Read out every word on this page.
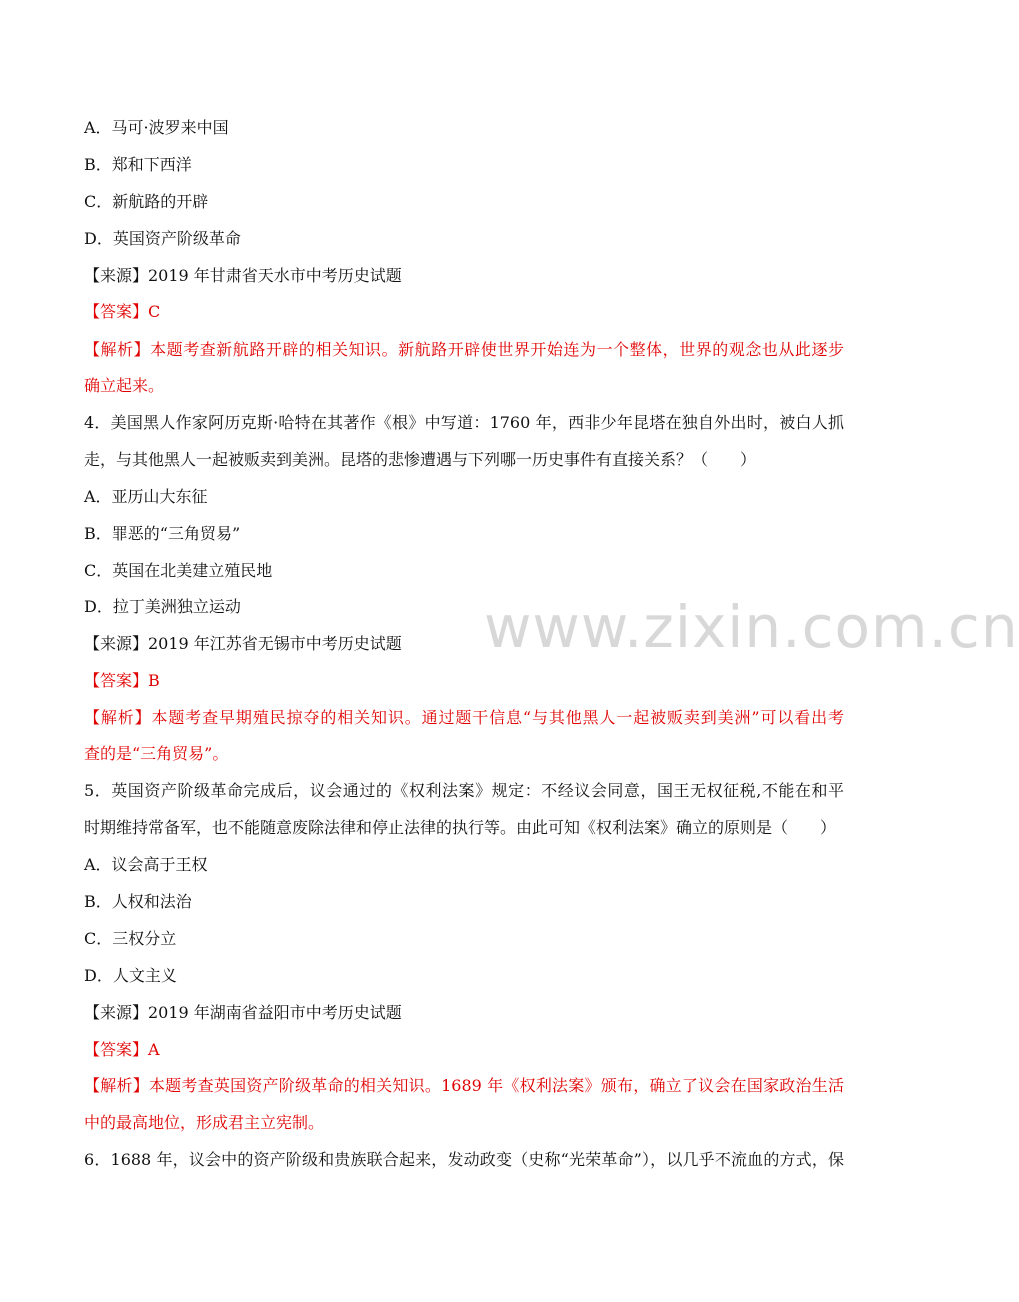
www.zixin.com.cn
A．马可·波罗来中国
B．郑和下西洋
C．新航路的开辟
D．英国资产阶级革命
【来源】2019 年甘肃省天水市中考历史试题
【答案】C
【解析】本题考查新航路开辟的相关知识。新航路开辟使世界开始连为一个整体，世界的观念也从此逐步
确立起来。
4．美国黑人作家阿历克斯·哈特在其著作《根》中写道：1760 年，西非少年昆塔在独自外出时，被白人抓
走，与其他黑人一起被贩卖到美洲。昆塔的悲惨遭遇与下列哪一历史事件有直接关系？（　　）
A．亚历山大东征
B．罪恶的“三角贸易”
C．英国在北美建立殖民地
D．拉丁美洲独立运动
【来源】2019 年江苏省无锡市中考历史试题
【答案】B
【解析】本题考查早期殖民掠夺的相关知识。通过题干信息“与其他黑人一起被贩卖到美洲”可以看出考
查的是“三角贸易”。
5．英国资产阶级革命完成后，议会通过的《权利法案》规定：不经议会同意，国王无权征税,不能在和平
时期维持常备军，也不能随意废除法律和停止法律的执行等。由此可知《权利法案》确立的原则是（　　）
A．议会高于王权
B．人权和法治
C．三权分立
D．人文主义
【来源】2019 年湖南省益阳市中考历史试题
【答案】A
【解析】本题考查英国资产阶级革命的相关知识。1689 年《权利法案》颁布，确立了议会在国家政治生活
中的最高地位，形成君主立宪制。
6．1688 年，议会中的资产阶级和贵族联合起来，发动政变（史称“光荣革命”），以几乎不流血的方式，保
